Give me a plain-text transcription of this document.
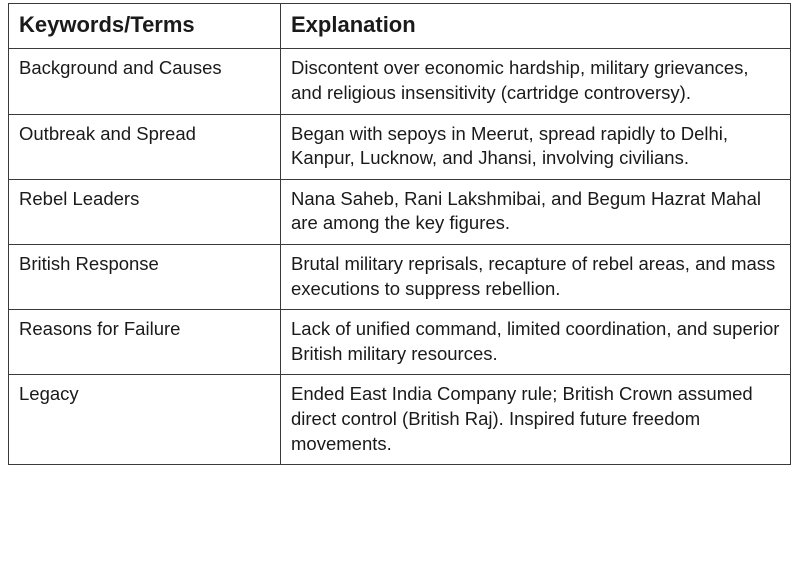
Keywords/Terms	Explanation
Background and Causes	Discontent over economic hardship, military grievances, and religious insensitivity (cartridge controversy).
Outbreak and Spread	Began with sepoys in Meerut, spread rapidly to Delhi, Kanpur, Lucknow, and Jhansi, involving civilians.
Rebel Leaders	Nana Saheb, Rani Lakshmibai, and Begum Hazrat Mahal are among the key figures.
British Response	Brutal military reprisals, recapture of rebel areas, and mass executions to suppress rebellion.
Reasons for Failure	Lack of unified command, limited coordination, and superior British military resources.
Legacy	Ended East India Company rule; British Crown assumed direct control (British Raj). Inspired future freedom movements.
